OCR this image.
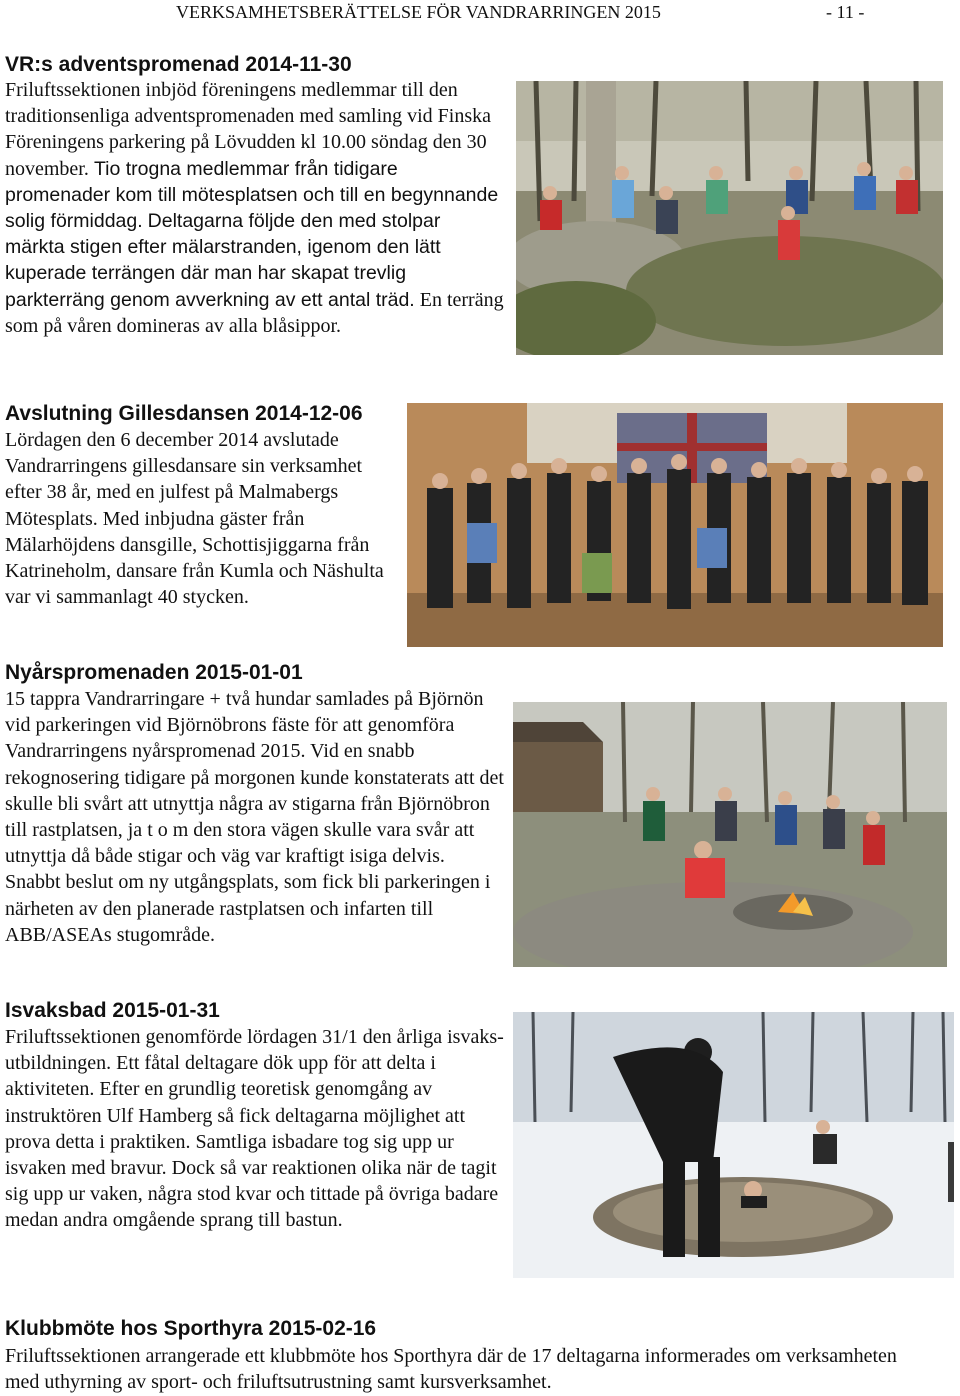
VERKSAMHETSBERÄTTELSE FÖR VANDRARRINGEN 2015	- 11 -
VR:s adventspromenad 2014-11-30
Friluftssektionen inbjöd föreningens medlemmar till den traditionsenliga adventspromenaden med samling vid Finska Föreningens parkering på Lövudden kl 10.00 söndag den 30 november. Tio trogna medlemmar från tidigare promenader kom till mötesplatsen och till en begynnande solig förmiddag. Deltagarna följde den med stolpar märkta stigen efter mälarstranden, igenom den lätt kuperade terrängen där man har skapat trevlig parkterräng genom avverkning av ett antal träd. En terräng som på våren domineras av alla blåsippor.
Avslutning Gillesdansen 2014-12-06
Lördagen den 6 december 2014 avslutade Vandrarringens gillesdansare sin verksamhet efter 38 år, med en julfest på Malmabergs Mötesplats. Med inbjudna gäster från Mälarhöjdens dansgille, Schottisjiggarna från Katrineholm, dansare från Kumla och Näshulta var vi sammanlagt 40 stycken.
Nyårspromenaden 2015-01-01
15 tappra Vandrarringare + två hundar samlades på Björnön vid parkeringen vid Björnöbrons fäste för att genomföra Vandrarringens nyårspromenad 2015. Vid en snabb rekognosering tidigare på morgonen kunde konstaterats att det skulle bli svårt att utnyttja några av stigarna från Björnöbron till rastplatsen, ja t o m den stora vägen skulle vara svår att utnyttja då både stigar och väg var kraftigt isiga delvis. Snabbt beslut om ny utgångsplats, som fick bli parkeringen i närheten av den planerade rastplatsen och infarten till ABB/ASEAs stugområde.
Isvaksbad 2015-01-31
Friluftssektionen genomförde lördagen 31/1 den årliga isvaks-utbildningen. Ett fåtal deltagare dök upp för att delta i aktiviteten. Efter en grundlig teoretisk genomgång av instruktören Ulf Hamberg så fick deltagarna möjlighet att prova detta i praktiken. Samtliga isbadare tog sig upp ur isvaken med bravur. Dock så var reaktionen olika när de tagit sig upp ur vaken, några stod kvar och tittade på övriga badare medan andra omgående sprang till bastun.
Klubbmöte hos Sporthyra 2015-02-16
Friluftssektionen arrangerade ett klubbmöte hos Sporthyra där de 17 deltagarna informerades om verksamheten med uthyrning av sport- och friluftsutrustning samt kursverksamhet.
